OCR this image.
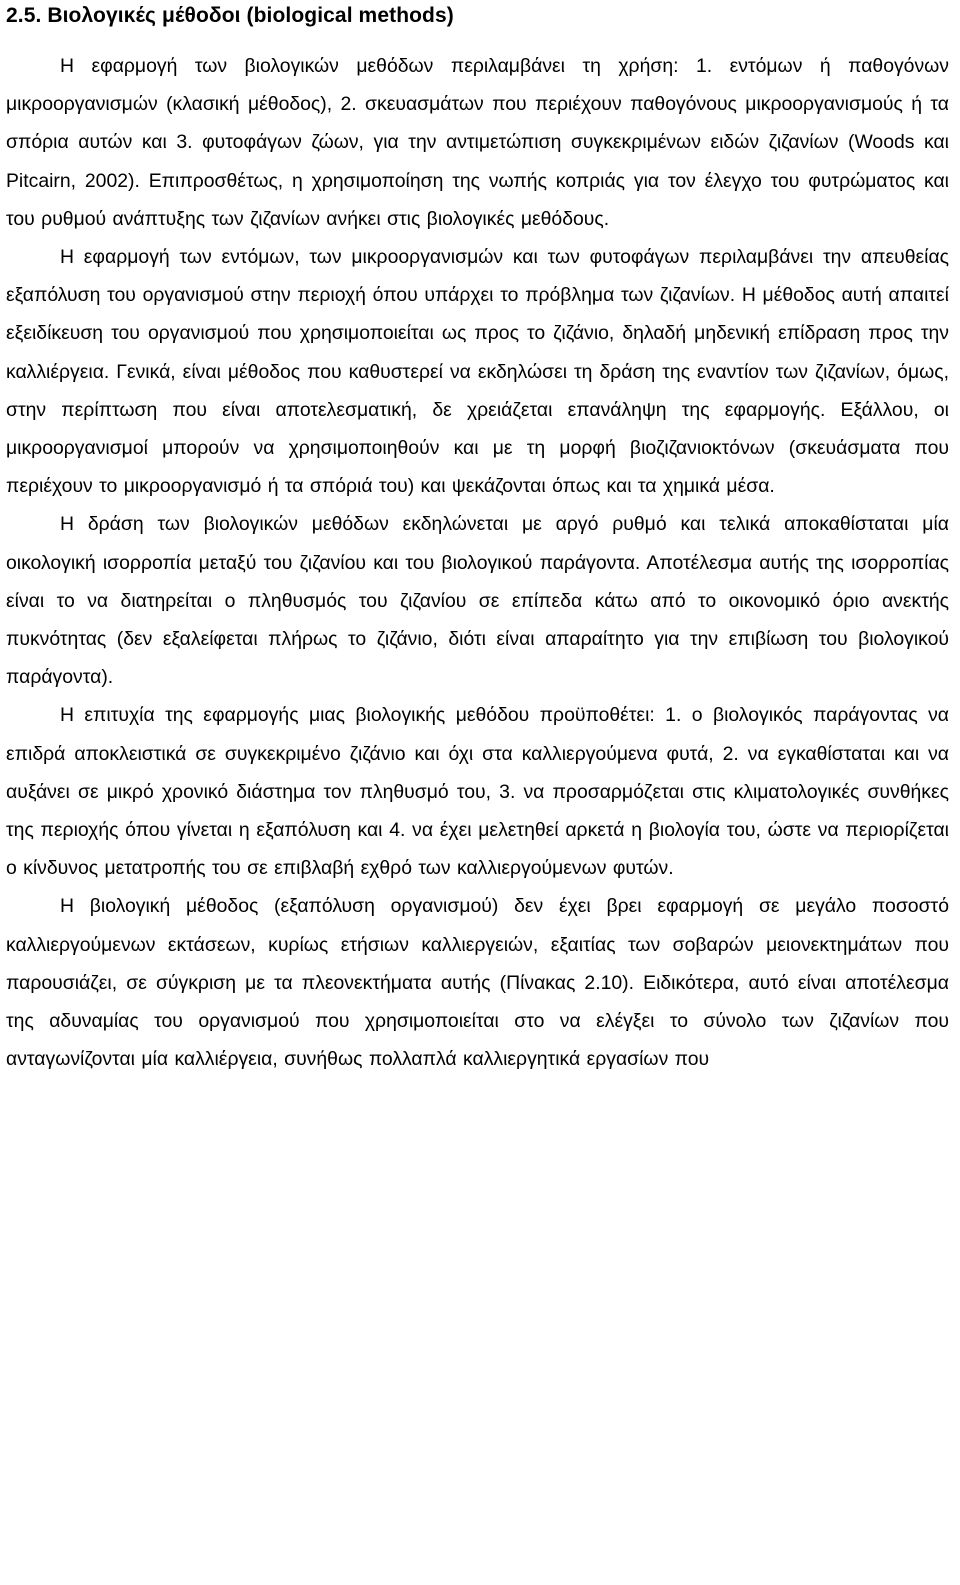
2.5. Βιολογικές μέθοδοι (biological methods)

Η εφαρμογή των βιολογικών μεθόδων περιλαμβάνει τη χρήση: 1. εντόμων ή παθογόνων μικροοργανισμών (κλασική μέθοδος), 2. σκευασμάτων που περιέχουν παθογόνους μικροοργανισμούς ή τα σπόρια αυτών και 3. φυτοφάγων ζώων, για την αντιμετώπιση συγκεκριμένων ειδών ζιζανίων (Woods και Pitcairn, 2002). Επιπροσθέτως, η χρησιμοποίηση της νωπής κοπριάς για τον έλεγχο του φυτρώματος και του ρυθμού ανάπτυξης των ζιζανίων ανήκει στις βιολογικές μεθόδους.

Η εφαρμογή των εντόμων, των μικροοργανισμών και των φυτοφάγων περιλαμβάνει την απευθείας εξαπόλυση του οργανισμού στην περιοχή όπου υπάρχει το πρόβλημα των ζιζανίων. Η μέθοδος αυτή απαιτεί εξειδίκευση του οργανισμού που χρησιμοποιείται ως προς το ζιζάνιο, δηλαδή μηδενική επίδραση προς την καλλιέργεια. Γενικά, είναι μέθοδος που καθυστερεί να εκδηλώσει τη δράση της εναντίον των ζιζανίων, όμως, στην περίπτωση που είναι αποτελεσματική, δε χρειάζεται επανάληψη της εφαρμογής. Εξάλλου, οι μικροοργανισμοί μπορούν να χρησιμοποιηθούν και με τη μορφή βιοζιζανιοκτόνων (σκευάσματα που περιέχουν το μικροοργανισμό ή τα σπόριά του) και ψεκάζονται όπως και τα χημικά μέσα.

Η δράση των βιολογικών μεθόδων εκδηλώνεται με αργό ρυθμό και τελικά αποκαθίσταται μία οικολογική ισορροπία μεταξύ του ζιζανίου και του βιολογικού παράγοντα. Αποτέλεσμα αυτής της ισορροπίας είναι το να διατηρείται ο πληθυσμός του ζιζανίου σε επίπεδα κάτω από το οικονομικό όριο ανεκτής πυκνότητας (δεν εξαλείφεται πλήρως το ζιζάνιο, διότι είναι απαραίτητο για την επιβίωση του βιολογικού παράγοντα).

Η επιτυχία της εφαρμογής μιας βιολογικής μεθόδου προϋποθέτει: 1. ο βιολογικός παράγοντας να επιδρά αποκλειστικά σε συγκεκριμένο ζιζάνιο και όχι στα καλλιεργούμενα φυτά, 2. να εγκαθίσταται και να αυξάνει σε μικρό χρονικό διάστημα τον πληθυσμό του, 3. να προσαρμόζεται στις κλιματολογικές συνθήκες της περιοχής όπου γίνεται η εξαπόλυση και 4. να έχει μελετηθεί αρκετά η βιολογία του, ώστε να περιορίζεται ο κίνδυνος μετατροπής του σε επιβλαβή εχθρό των καλλιεργούμενων φυτών.

Η βιολογική μέθοδος (εξαπόλυση οργανισμού) δεν έχει βρει εφαρμογή σε μεγάλο ποσοστό καλλιεργούμενων εκτάσεων, κυρίως ετήσιων καλλιεργειών, εξαιτίας των σοβαρών μειονεκτημάτων που παρουσιάζει, σε σύγκριση με τα πλεονεκτήματα αυτής (Πίνακας 2.10). Ειδικότερα, αυτό είναι αποτέλεσμα της αδυναμίας του οργανισμού που χρησιμοποιείται στο να ελέγξει το σύνολο των ζιζανίων που ανταγωνίζονται μία καλλιέργεια, συνήθως πολλαπλά καλλιεργητικά εργασίων που
